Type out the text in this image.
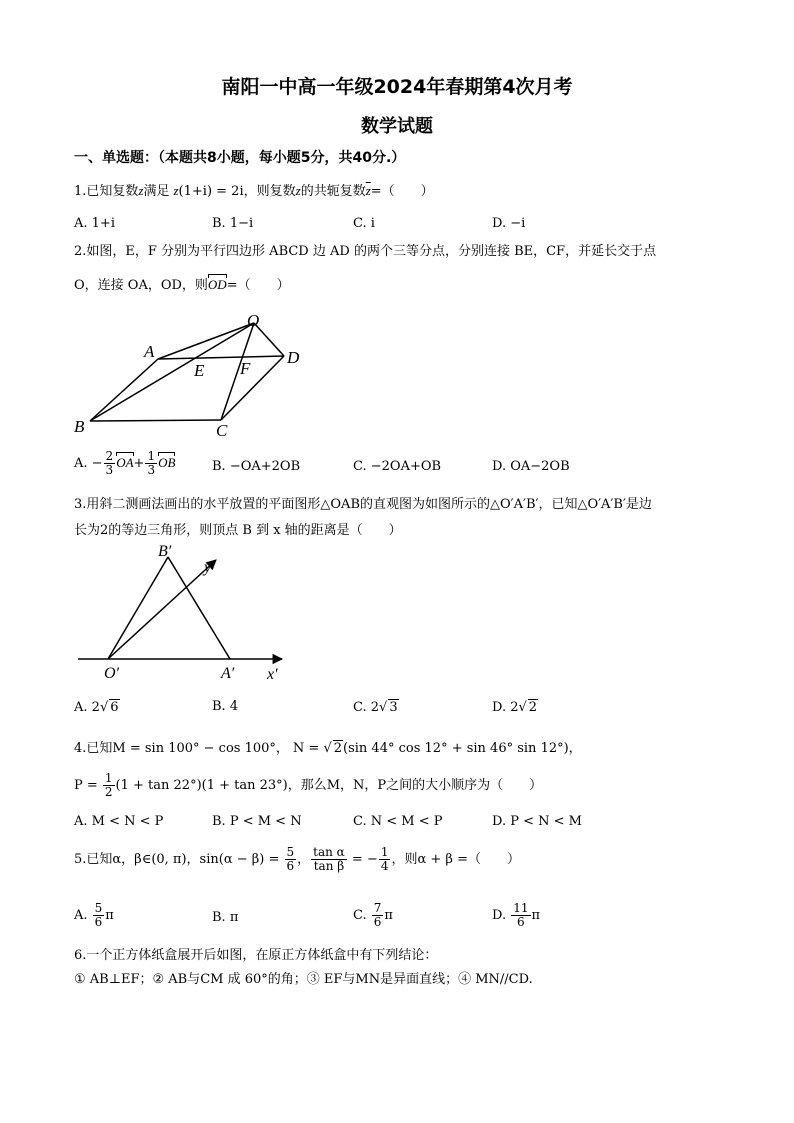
南阳一中高一年级2024年春期第4次月考
数学试题
一、单选题：（本题共8小题，每小题5分，共40分.）
1.已知复数z满足 z(1+i) = 2i，则复数z的共轭复数$\overline{z}=$（　　）
A. 1+i	B. 1−i	C. i	D. −i
2.如图，E，F 分别为平行四边形 ABCD 边 AD 的两个三等分点，分别连接 BE，CF，并延长交于点
O，连接 OA，OD，则OD=（　　）
O
A
E F
D
B	C
A. − $\frac{2}{3} OA+ \frac{1}{3}$ OB	B. −OA+2OB	C. −2OA+OB	D. OA−2OB
3.用斜二测画法画出的水平放置的平面图形△OAB的直观图为如图所示的△O′A′B′，已知△O′A′B′是边
长为2的等边三角形，则顶点 B 到 x 轴的距离是（　　）
B′
y′
O′	A′ x′
A. 2√ 6	B. 4	C. 2√ 3	D. 2√ 2
4.已知M = sin 100° − cos 100°， N = √ 2(sin 44° cos 12° + sin 46° sin 12°)，
$P = \frac{1}{2} (1 + \tan 22^\circ)(1 + \tan 23^\circ)$，那么M，N，P之间的大小顺序为（　　）
A. M < N < P	B. P < M < N	C. N < M < P	D. P < N < M
5.已知α，β∈(0, π)，$\sin(\alpha - \beta) = \frac{5}{6}$ ， $\frac{\text{tan α}}{\text{tan β}}$ = − $\frac{1}{4}$ ，则α + β =（　　）
A. $\frac{5}{6}$ π	B. π	C. $\frac{7}{6}$ π	D. $\frac{11}{6}$ π
6.一个正方体纸盒展开后如图，在原正方体纸盒中有下列结论：
① AB⊥EF；② AB与CM 成 60°的角；③ EF与MN是异面直线；④ MN//CD.
